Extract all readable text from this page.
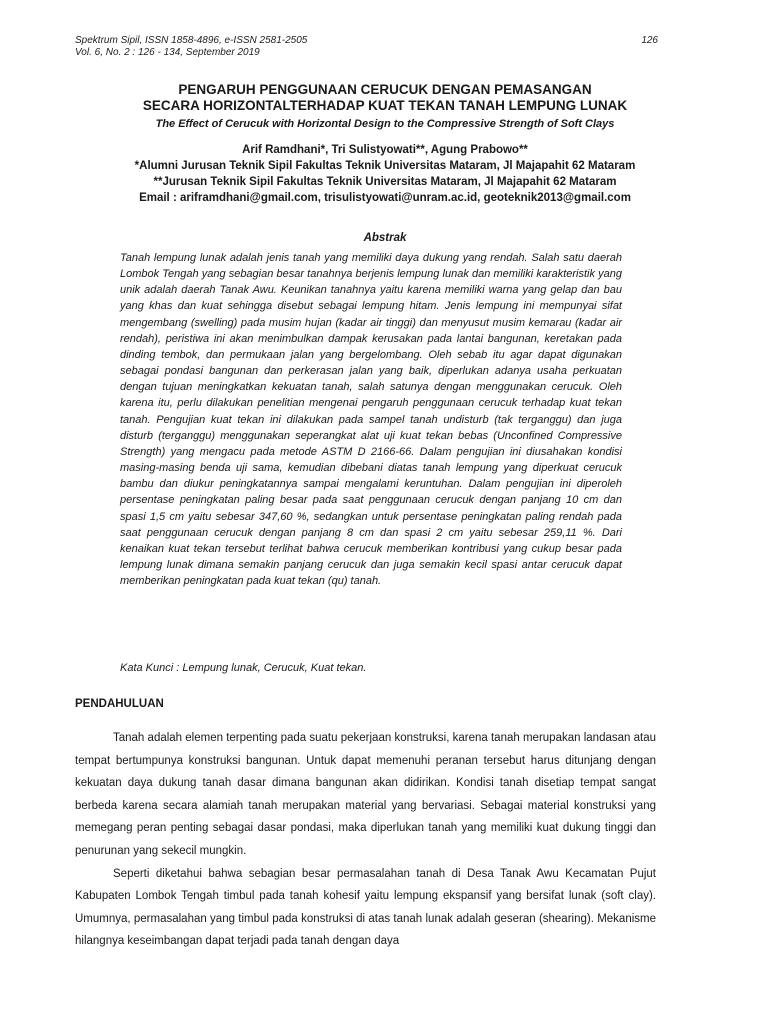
Spektrum Sipil, ISSN 1858-4896, e-ISSN 2581-2505
Vol. 6, No. 2 : 126 - 134, September 2019
126
PENGARUH PENGGUNAAN CERUCUK DENGAN PEMASANGAN
SECARA HORIZONTALTERHADAP KUAT TEKAN TANAH LEMPUNG LUNAK
The Effect of Cerucuk with Horizontal Design to the Compressive Strength of Soft Clays
Arif Ramdhani*, Tri Sulistyowati**, Agung Prabowo**
*Alumni Jurusan Teknik Sipil Fakultas Teknik Universitas Mataram, Jl Majapahit 62 Mataram
**Jurusan Teknik Sipil Fakultas Teknik Universitas Mataram, Jl Majapahit 62 Mataram
Email : ariframdhani@gmail.com, trisulistyowati@unram.ac.id, geoteknik2013@gmail.com
Abstrak

Tanah lempung lunak adalah jenis tanah yang memiliki daya dukung yang rendah. Salah satu daerah Lombok Tengah yang sebagian besar tanahnya berjenis lempung lunak dan memiliki karakteristik yang unik adalah daerah Tanak Awu. Keunikan tanahnya yaitu karena memiliki warna yang gelap dan bau yang khas dan kuat sehingga disebut sebagai lempung hitam. Jenis lempung ini mempunyai sifat mengembang (swelling) pada musim hujan (kadar air tinggi) dan menyusut musim kemarau (kadar air rendah), peristiwa ini akan menimbulkan dampak kerusakan pada lantai bangunan, keretakan pada dinding tembok, dan permukaan jalan yang bergelombang. Oleh sebab itu agar dapat digunakan sebagai pondasi bangunan dan perkerasan jalan yang baik, diperlukan adanya usaha perkuatan dengan tujuan meningkatkan kekuatan tanah, salah satunya dengan menggunakan cerucuk. Oleh karena itu, perlu dilakukan penelitian mengenai pengaruh penggunaan cerucuk terhadap kuat tekan tanah. Pengujian kuat tekan ini dilakukan pada sampel tanah undisturb (tak terganggu) dan juga disturb (terganggu) menggunakan seperangkat alat uji kuat tekan bebas (Unconfined Compressive Strength) yang mengacu pada metode ASTM D 2166-66. Dalam pengujian ini diusahakan kondisi masing-masing benda uji sama, kemudian dibebani diatas tanah lempung yang diperkuat cerucuk bambu dan diukur peningkatannya sampai mengalami keruntuhan. Dalam pengujian ini diperoleh persentase peningkatan paling besar pada saat penggunaan cerucuk dengan panjang 10 cm dan spasi 1,5 cm yaitu sebesar 347,60 %, sedangkan untuk persentase peningkatan paling rendah pada saat penggunaan cerucuk dengan panjang 8 cm dan spasi 2 cm yaitu sebesar 259,11 %. Dari kenaikan kuat tekan tersebut terlihat bahwa cerucuk memberikan kontribusi yang cukup besar pada lempung lunak dimana semakin panjang cerucuk dan juga semakin kecil spasi antar cerucuk dapat memberikan peningkatan pada kuat tekan (qu) tanah.

Kata Kunci : Lempung lunak, Cerucuk, Kuat tekan.
PENDAHULUAN

Tanah adalah elemen terpenting pada suatu pekerjaan konstruksi, karena tanah merupakan landasan atau tempat bertumpunya konstruksi bangunan. Untuk dapat memenuhi peranan tersebut harus ditunjang dengan kekuatan daya dukung tanah dasar dimana bangunan akan didirikan. Kondisi tanah disetiap tempat sangat berbeda karena secara alamiah tanah merupakan material yang bervariasi. Sebagai material konstruksi yang memegang peran penting sebagai dasar pondasi, maka diperlukan tanah yang memiliki kuat dukung tinggi dan penurunan yang sekecil mungkin.

Seperti diketahui bahwa sebagian besar permasalahan tanah di Desa Tanak Awu Kecamatan Pujut Kabupaten Lombok Tengah timbul pada tanah kohesif yaitu lempung ekspansif yang bersifat lunak (soft clay). Umumnya, permasalahan yang timbul pada konstruksi di atas tanah lunak adalah geseran (shearing). Mekanisme hilangnya keseimbangan dapat terjadi pada tanah dengan daya
